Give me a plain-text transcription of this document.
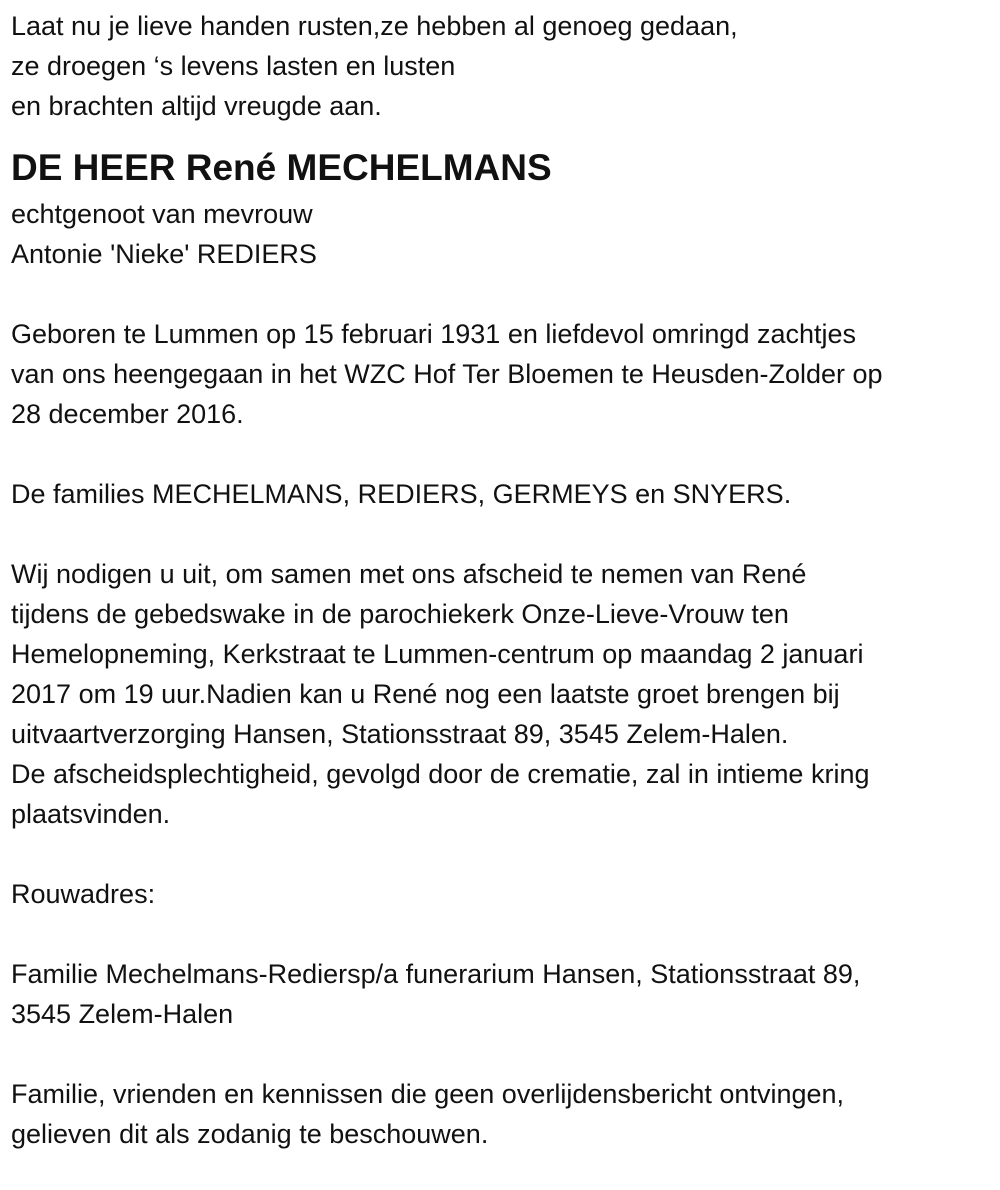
Laat nu je lieve handen rusten,ze hebben al genoeg gedaan,
ze droegen ‘s levens lasten en lusten
en brachten altijd vreugde aan.
DE HEER René MECHELMANS
echtgenoot van mevrouw
Antonie 'Nieke' REDIERS
Geboren te Lummen op 15 februari 1931 en liefdevol omringd zachtjes
van ons heengegaan in het WZC Hof Ter Bloemen te Heusden-Zolder op
28 december 2016.
De families MECHELMANS, REDIERS, GERMEYS en SNYERS.
Wij nodigen u uit, om samen met ons afscheid te nemen van René
tijdens de gebedswake in de parochiekerk Onze-Lieve-Vrouw ten
Hemelopneming, Kerkstraat te Lummen-centrum op maandag 2 januari
2017 om 19 uur.Nadien kan u René nog een laatste groet brengen bij
uitvaartverzorging Hansen, Stationsstraat 89, 3545 Zelem-Halen.
De afscheidsplechtigheid, gevolgd door de crematie, zal in intieme kring
plaatsvinden.
Rouwadres:
Familie Mechelmans-Rediersp/a funerarium Hansen, Stationsstraat 89,
3545 Zelem-Halen
Familie, vrienden en kennissen die geen overlijdensbericht ontvingen,
gelieven dit als zodanig te beschouwen.
